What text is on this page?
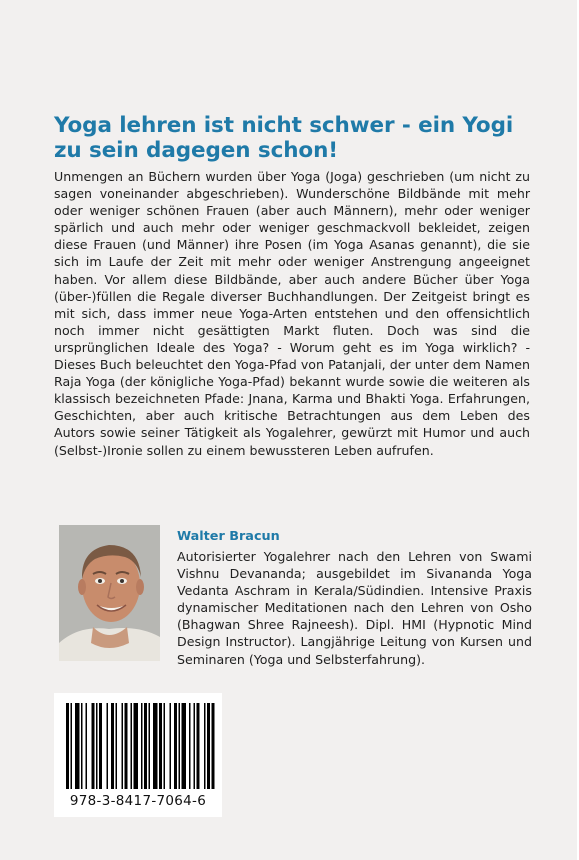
Yoga lehren ist nicht schwer - ein Yogi zu sein dagegen schon!
Unmengen an Büchern wurden über Yoga (Joga) geschrieben (um nicht zu sagen voneinander abgeschrieben). Wunderschöne Bildbände mit mehr oder weniger schönen Frauen (aber auch Männern), mehr oder weniger spärlich und auch mehr oder weniger geschmackvoll bekleidet, zeigen diese Frauen (und Männer) ihre Posen (im Yoga Asanas genannt), die sie sich im Laufe der Zeit mit mehr oder weniger Anstrengung angeeignet haben. Vor allem diese Bildbände, aber auch andere Bücher über Yoga (über-)füllen die Regale diverser Buchhandlungen. Der Zeitgeist bringt es mit sich, dass immer neue Yoga-Arten entstehen und den offensichtlich noch immer nicht gesättigten Markt fluten. Doch was sind die ursprünglichen Ideale des Yoga? - Worum geht es im Yoga wirklich? - Dieses Buch beleuchtet den Yoga-Pfad von Patanjali, der unter dem Namen Raja Yoga (der königliche Yoga-Pfad) bekannt wurde sowie die weiteren als klassisch bezeichneten Pfade: Jnana, Karma und Bhakti Yoga. Erfahrungen, Geschichten, aber auch kritische Betrachtungen aus dem Leben des Autors sowie seiner Tätigkeit als Yogalehrer, gewürzt mit Humor und auch (Selbst-)Ironie sollen zu einem bewussteren Leben aufrufen.
Walter Bracun
Autorisierter Yogalehrer nach den Lehren von Swami Vishnu Devananda; ausgebildet im Sivananda Yoga Vedanta Aschram in Kerala/Südindien. Intensive Praxis dynamischer Meditationen nach den Lehren von Osho (Bhagwan Shree Rajneesh). Dipl. HMI (Hypnotic Mind Design Instructor). Langjährige Leitung von Kursen und Seminaren (Yoga und Selbsterfahrung).
978-3-8417-7064-6
